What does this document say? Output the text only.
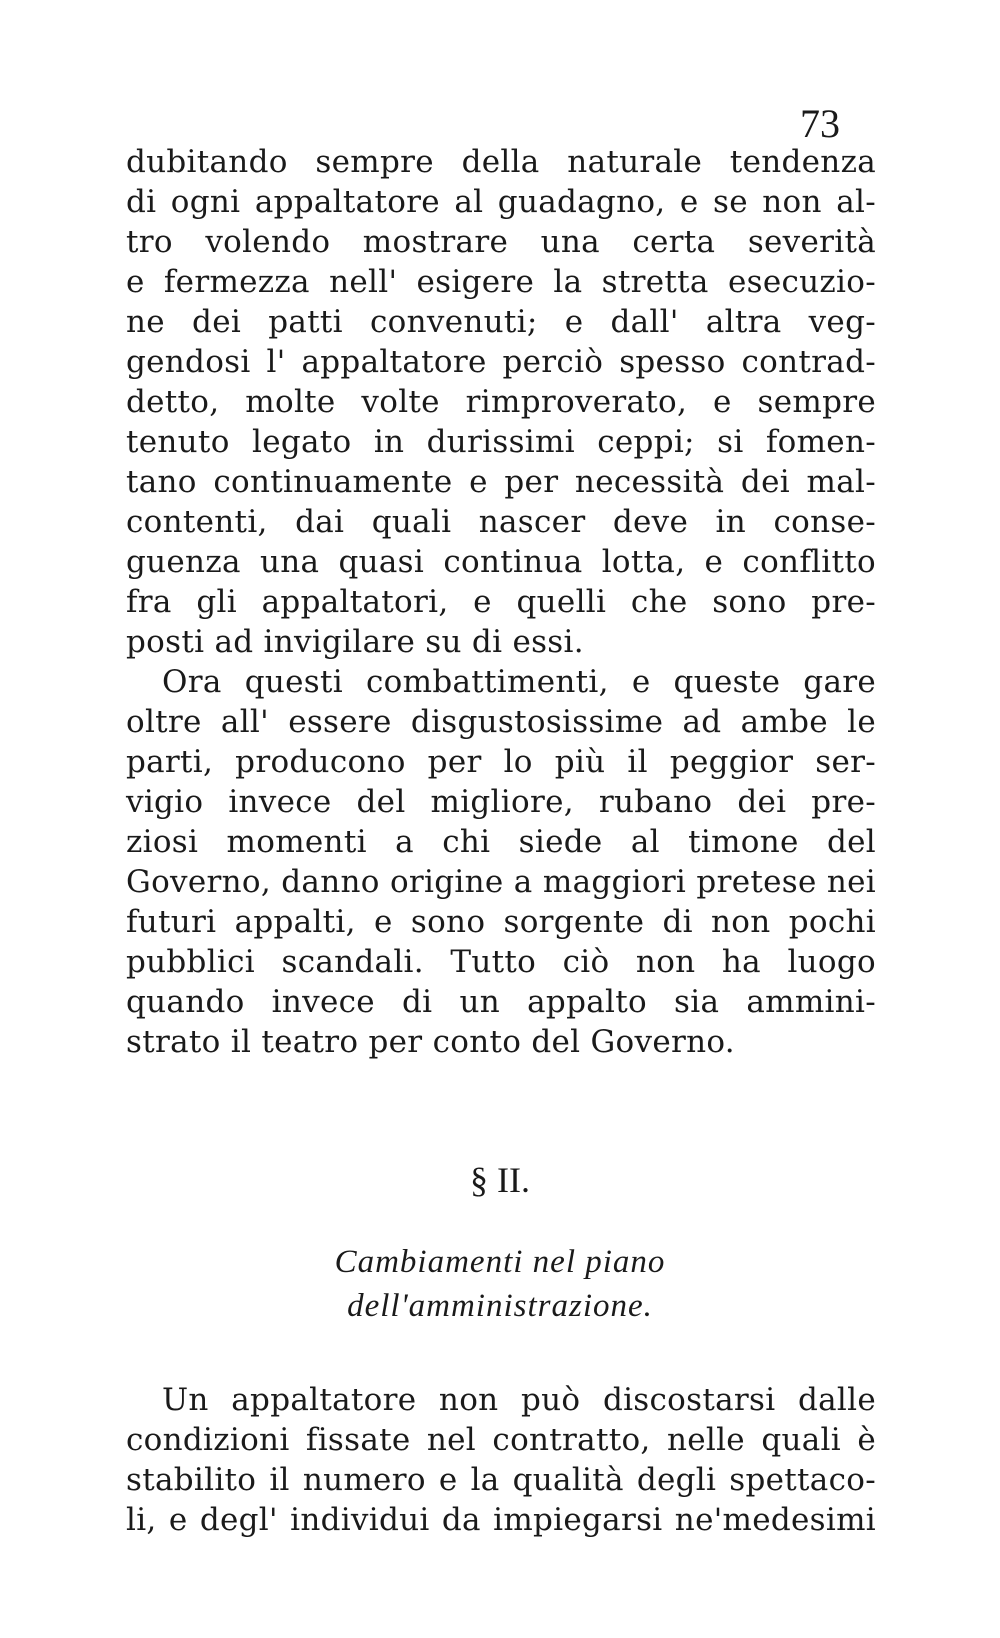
73
dubitando sempre della naturale tendenza
di ogni appaltatore al guadagno, e se non al-
tro volendo mostrare una certa severità
e fermezza nell' esigere la stretta esecuzio-
ne dei patti convenuti; e dall' altra veg-
gendosi l' appaltatore perciò spesso contrad-
detto, molte volte rimproverato, e sempre
tenuto legato in durissimi ceppi; si fomen-
tano continuamente e per necessità dei mal-
contenti, dai quali nascer deve in conse-
guenza una quasi continua lotta, e conflitto
fra gli appaltatori, e quelli che sono pre-
posti ad invigilare su di essi.
Ora questi combattimenti, e queste gare
oltre all' essere disgustosissime ad ambe le
parti, producono per lo più il peggior ser-
vigio invece del migliore, rubano dei pre-
ziosi momenti a chi siede al timone del
Governo, danno origine a maggiori pretese nei
futuri appalti, e sono sorgente di non pochi
pubblici scandali. Tutto ciò non ha luogo
quando invece di un appalto sia ammini-
strato il teatro per conto del Governo.
§ II.
Cambiamenti nel piano
dell'amministrazione.
Un appaltatore non può discostarsi dalle
condizioni fissate nel contratto, nelle quali è
stabilito il numero e la qualità degli spettaco-
li, e degl' individui da impiegarsi ne'medesimi
